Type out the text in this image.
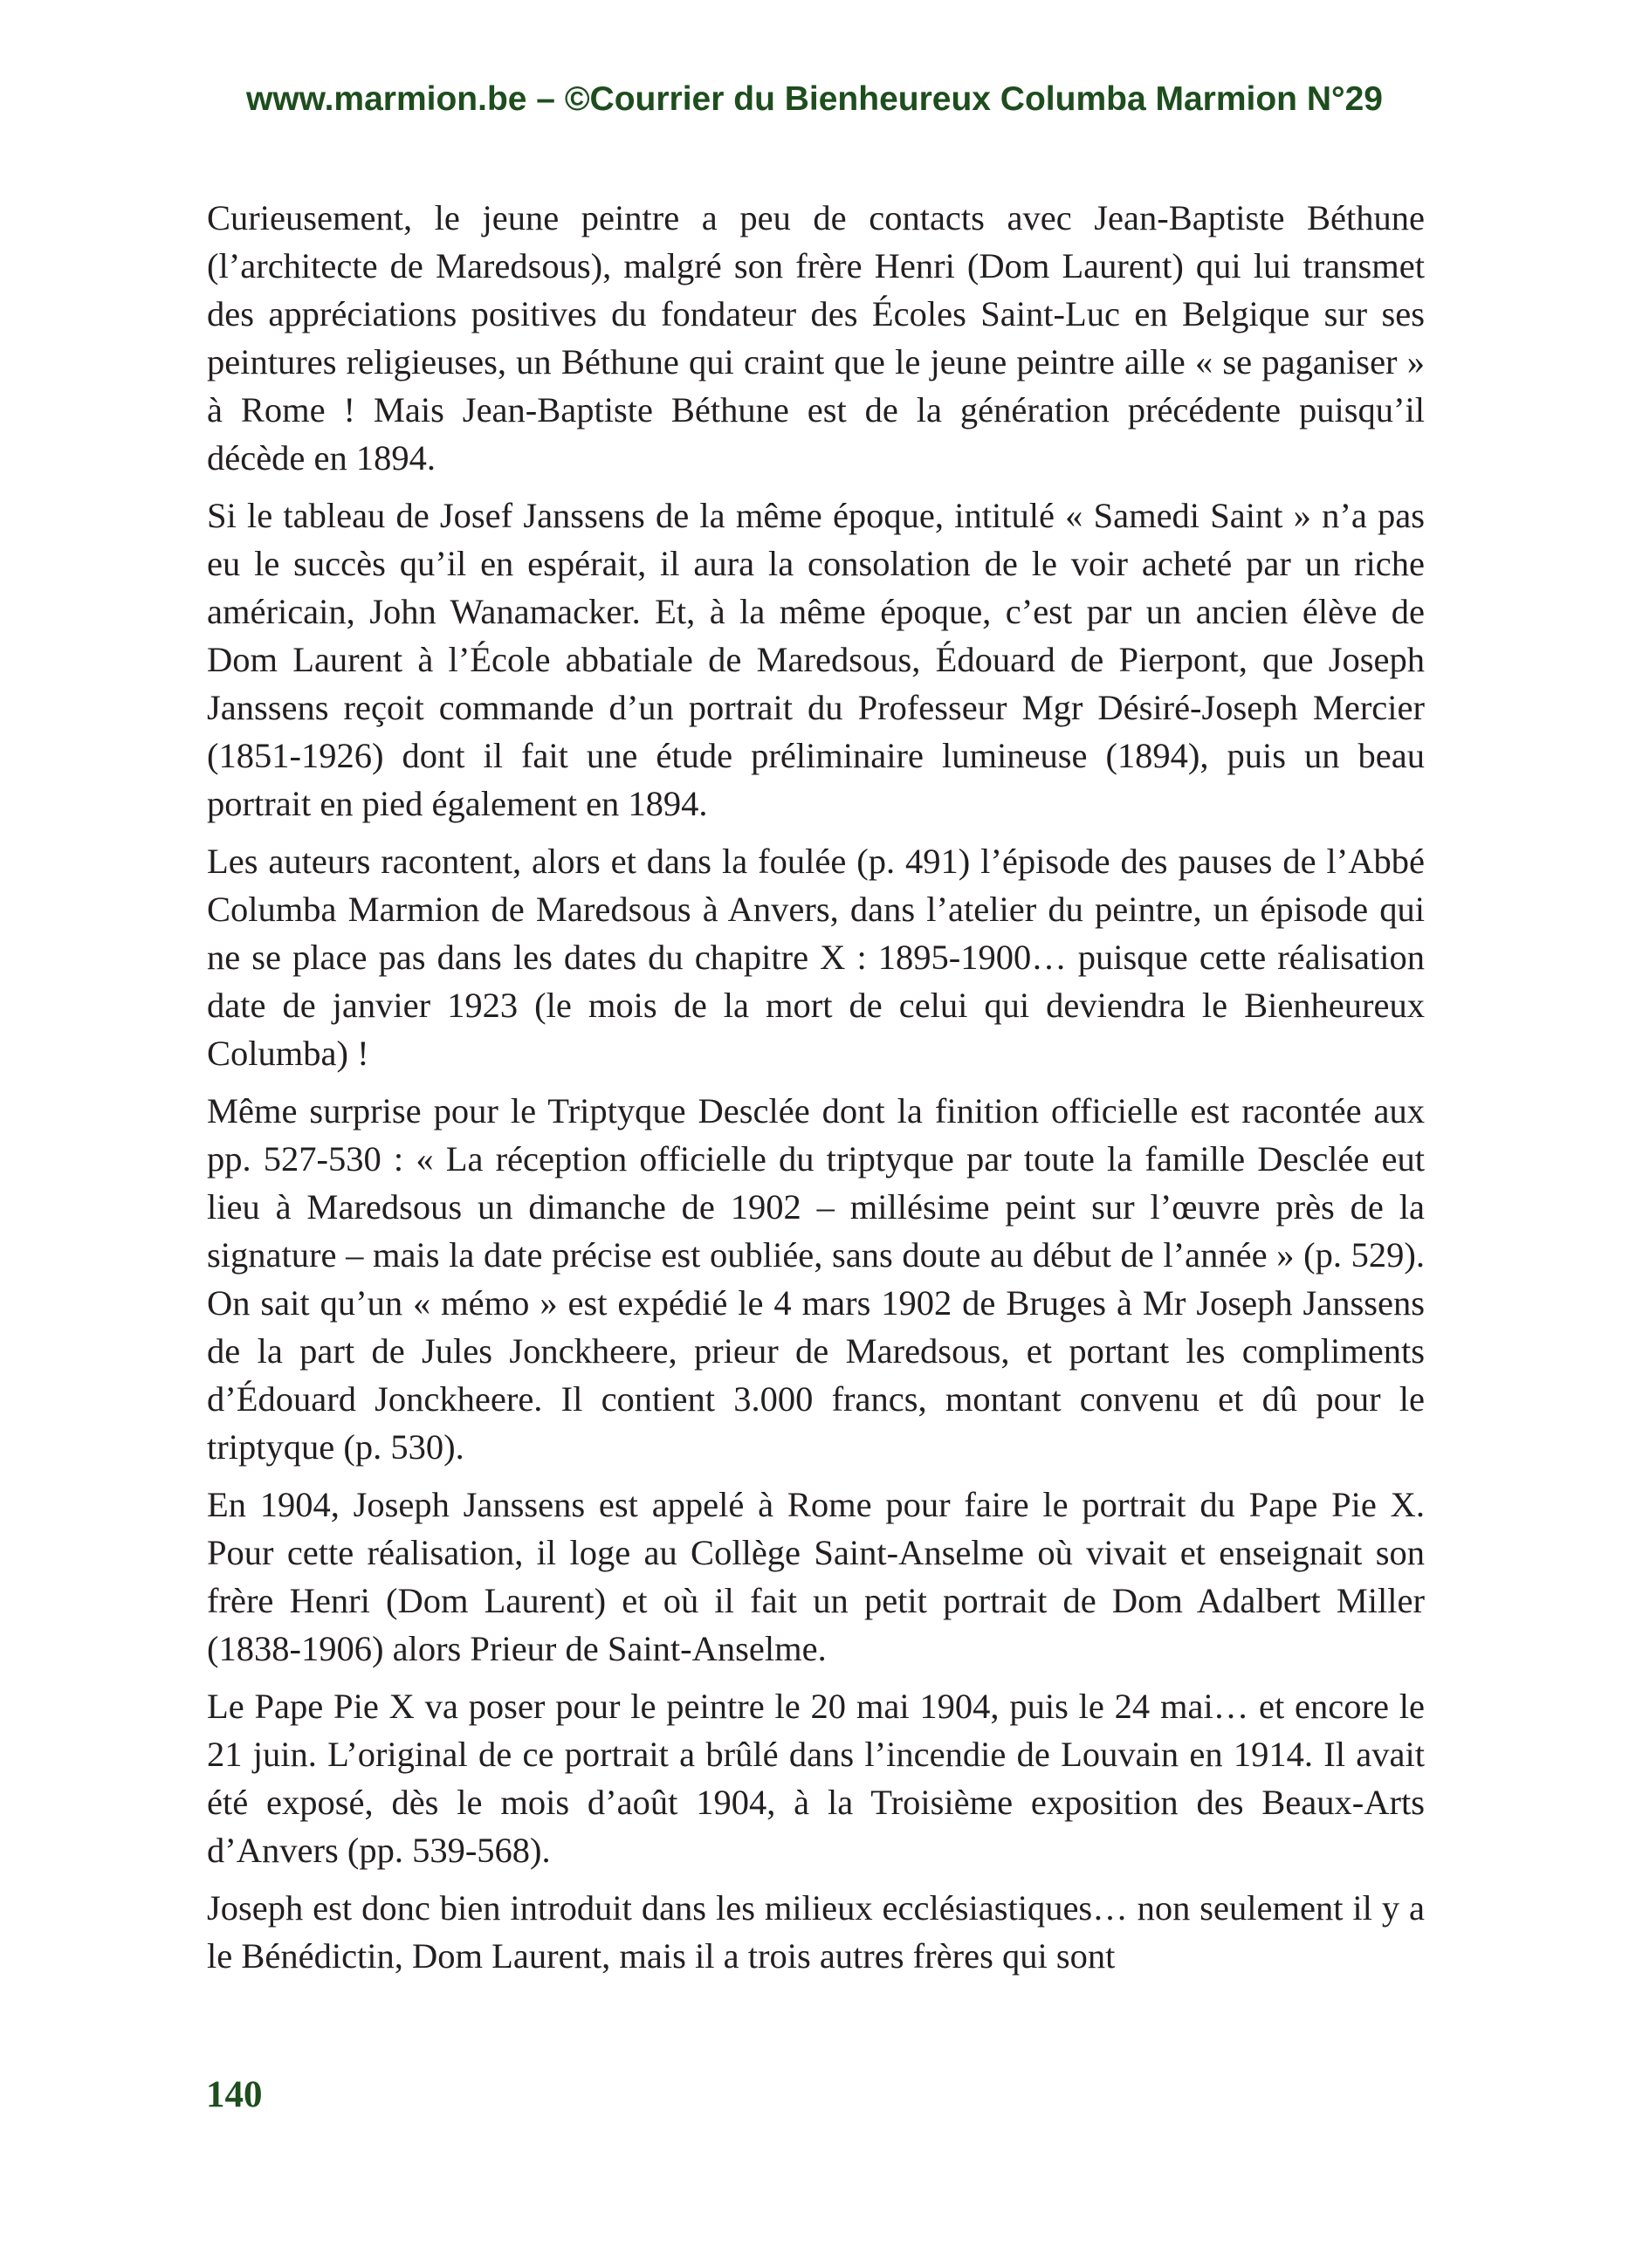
www.marmion.be – ©Courrier du Bienheureux Columba Marmion N°29

Curieusement, le jeune peintre a peu de contacts avec Jean-Baptiste Béthune (l’architecte de Maredsous), malgré son frère Henri (Dom Laurent) qui lui transmet des appréciations positives du fondateur des Écoles Saint-Luc en Belgique sur ses peintures religieuses, un Béthune qui craint que le jeune peintre aille « se paganiser » à Rome ! Mais Jean-Baptiste Béthune est de la génération précédente puisqu’il décède en 1894.

Si le tableau de Josef Janssens de la même époque, intitulé « Samedi Saint » n’a pas eu le succès qu’il en espérait, il aura la consolation de le voir acheté par un riche américain, John Wanamacker. Et, à la même époque, c’est par un ancien élève de Dom Laurent à l’École abbatiale de Maredsous, Édouard de Pierpont, que Joseph Janssens reçoit commande d’un portrait du Professeur Mgr Désiré-Joseph Mercier (1851-1926) dont il fait une étude préliminaire lumineuse (1894), puis un beau portrait en pied également en 1894.

Les auteurs racontent, alors et dans la foulée (p. 491) l’épisode des pauses de l’Abbé Columba Marmion de Maredsous à Anvers, dans l’atelier du peintre, un épisode qui ne se place pas dans les dates du chapitre X : 1895-1900… puisque cette réalisation date de janvier 1923 (le mois de la mort de celui qui deviendra le Bienheureux Columba) !

Même surprise pour le Triptyque Desclée dont la finition officielle est racontée aux pp. 527-530 : « La réception officielle du triptyque par toute la famille Desclée eut lieu à Maredsous un dimanche de 1902 – millésime peint sur l’œuvre près de la signature – mais la date précise est oubliée, sans doute au début de l’année » (p. 529). On sait qu’un « mémo » est expédié le 4 mars 1902 de Bruges à Mr Joseph Janssens de la part de Jules Jonckheere, prieur de Maredsous, et portant les compliments d’Édouard Jonckheere. Il contient 3.000 francs, montant convenu et dû pour le triptyque (p. 530).

En 1904, Joseph Janssens est appelé à Rome pour faire le portrait du Pape Pie X. Pour cette réalisation, il loge au Collège Saint-Anselme où vivait et enseignait son frère Henri (Dom Laurent) et où il fait un petit portrait de Dom Adalbert Miller (1838-1906) alors Prieur de Saint-Anselme.

Le Pape Pie X va poser pour le peintre le 20 mai 1904, puis le 24 mai… et encore le 21 juin. L’original de ce portrait a brûlé dans l’incendie de Louvain en 1914. Il avait été exposé, dès le mois d’août 1904, à la Troisième exposition des Beaux-Arts d’Anvers (pp. 539-568).

Joseph est donc bien introduit dans les milieux ecclésiastiques… non seulement il y a le Bénédictin, Dom Laurent, mais il a trois autres frères qui sont

140
